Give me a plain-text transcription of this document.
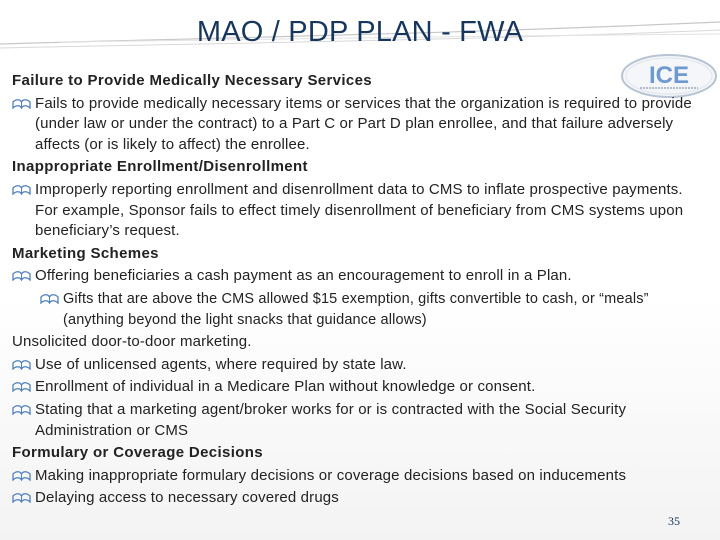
MAO / PDP PLAN - FWA
ICE
Failure to Provide Medically Necessary Services
Fails to provide medically necessary items or services that the organization is required to provide (under law or under the contract) to a Part C or Part D plan enrollee, and that failure adversely affects (or is likely to affect) the enrollee.
Inappropriate Enrollment/Disenrollment
Improperly reporting enrollment and disenrollment data to CMS to inflate prospective payments. For example, Sponsor fails to effect timely disenrollment of beneficiary from CMS systems upon beneficiary’s request.
Marketing Schemes
Offering beneficiaries a cash payment as an encouragement to enroll in a Plan.
Gifts that are above the CMS allowed $15 exemption, gifts convertible to cash, or “meals” (anything beyond the light snacks that guidance allows)
Unsolicited door-to-door marketing.
Use of unlicensed agents, where required by state law.
Enrollment of individual in a Medicare Plan without knowledge or consent.
Stating that a marketing agent/broker works for or is contracted with the Social Security Administration or CMS
Formulary or Coverage Decisions
Making inappropriate formulary decisions or coverage decisions based on inducements
Delaying access to necessary covered drugs
35
